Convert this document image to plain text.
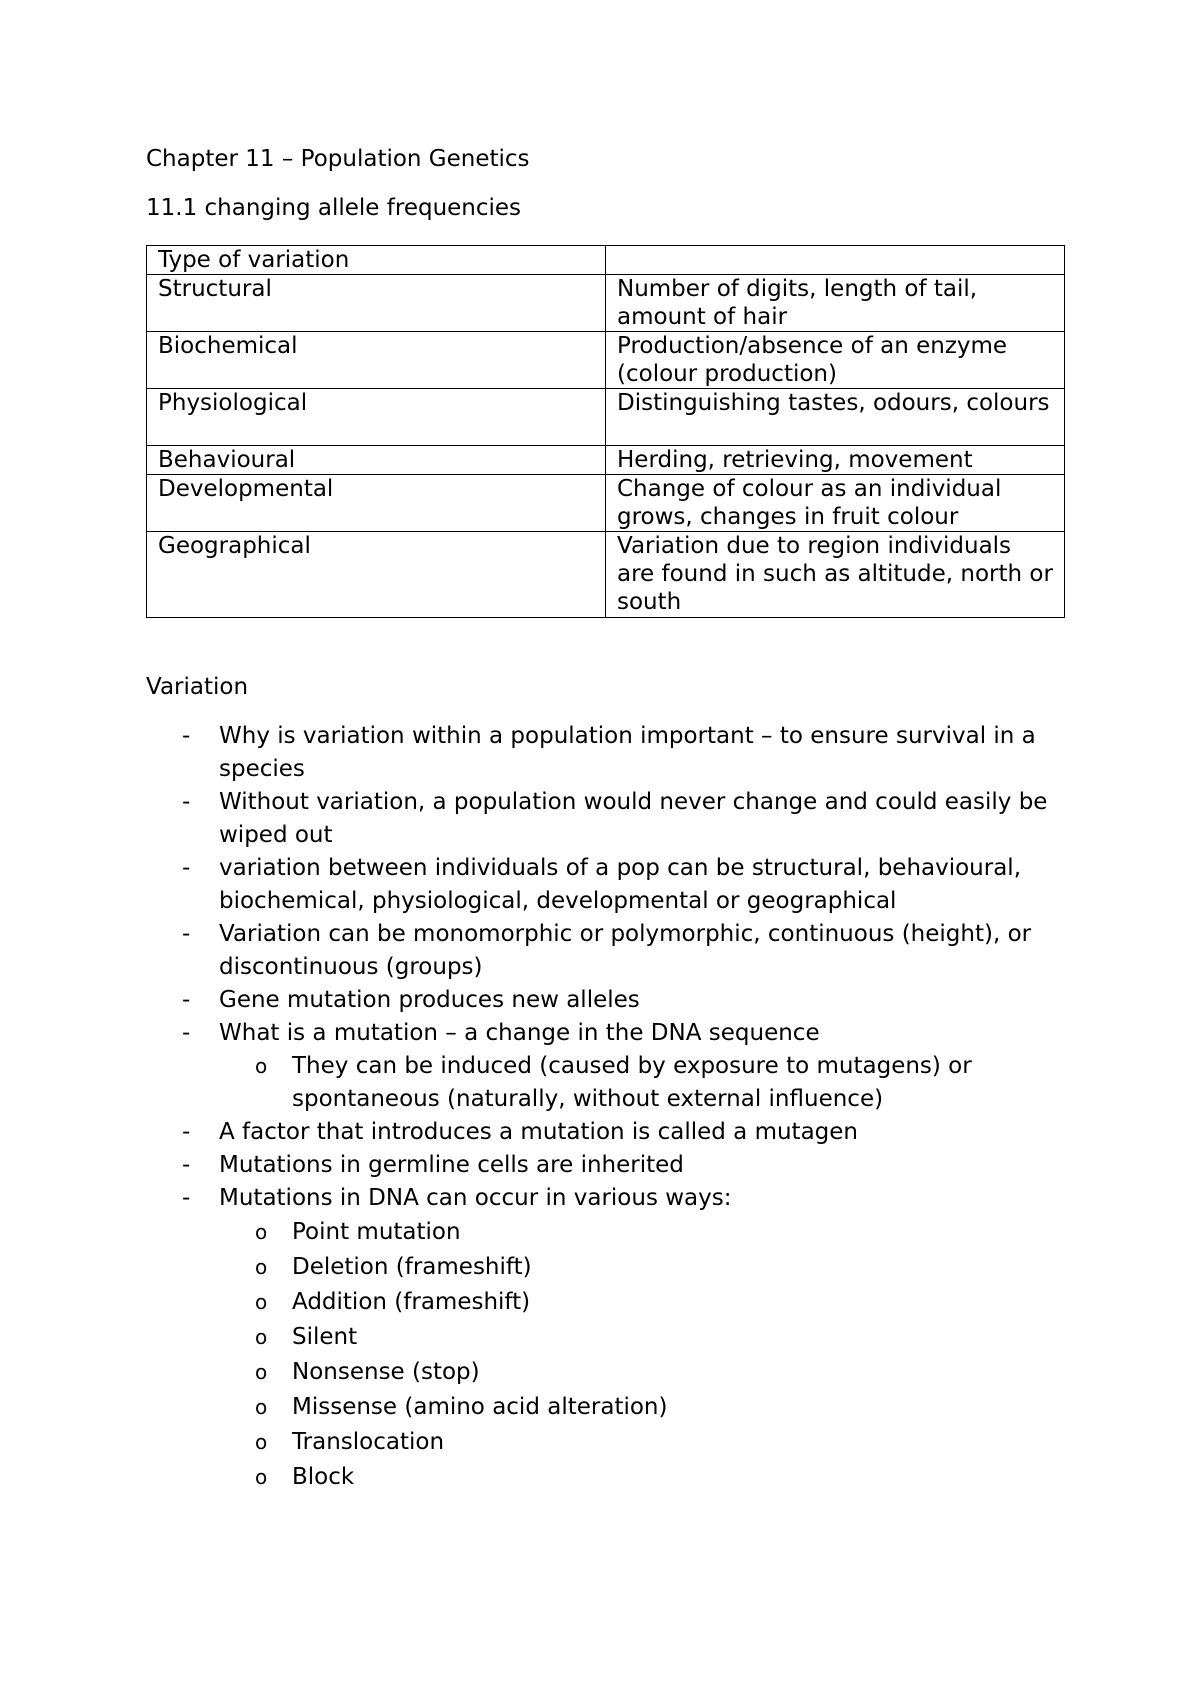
Chapter 11 – Population Genetics
11.1 changing allele frequencies
Type of variation	
Structural	Number of digits, length of tail, amount of hair
Biochemical	Production/absence of an enzyme (colour production)
Physiological	Distinguishing tastes, odours, colours
Behavioural	Herding, retrieving, movement
Developmental	Change of colour as an individual grows, changes in fruit colour
Geographical	Variation due to region individuals are found in such as altitude, north or south
Variation
- Why is variation within a population important – to ensure survival in a species
- Without variation, a population would never change and could easily be wiped out
- variation between individuals of a pop can be structural, behavioural, biochemical, physiological, developmental or geographical
- Variation can be monomorphic or polymorphic, continuous (height), or discontinuous (groups)
- Gene mutation produces new alleles
- What is a mutation – a change in the DNA sequence
o They can be induced (caused by exposure to mutagens) or spontaneous (naturally, without external influence)
- A factor that introduces a mutation is called a mutagen
- Mutations in germline cells are inherited
- Mutations in DNA can occur in various ways:
o Point mutation
o Deletion (frameshift)
o Addition (frameshift)
o Silent
o Nonsense (stop)
o Missense (amino acid alteration)
o Translocation
o Block
